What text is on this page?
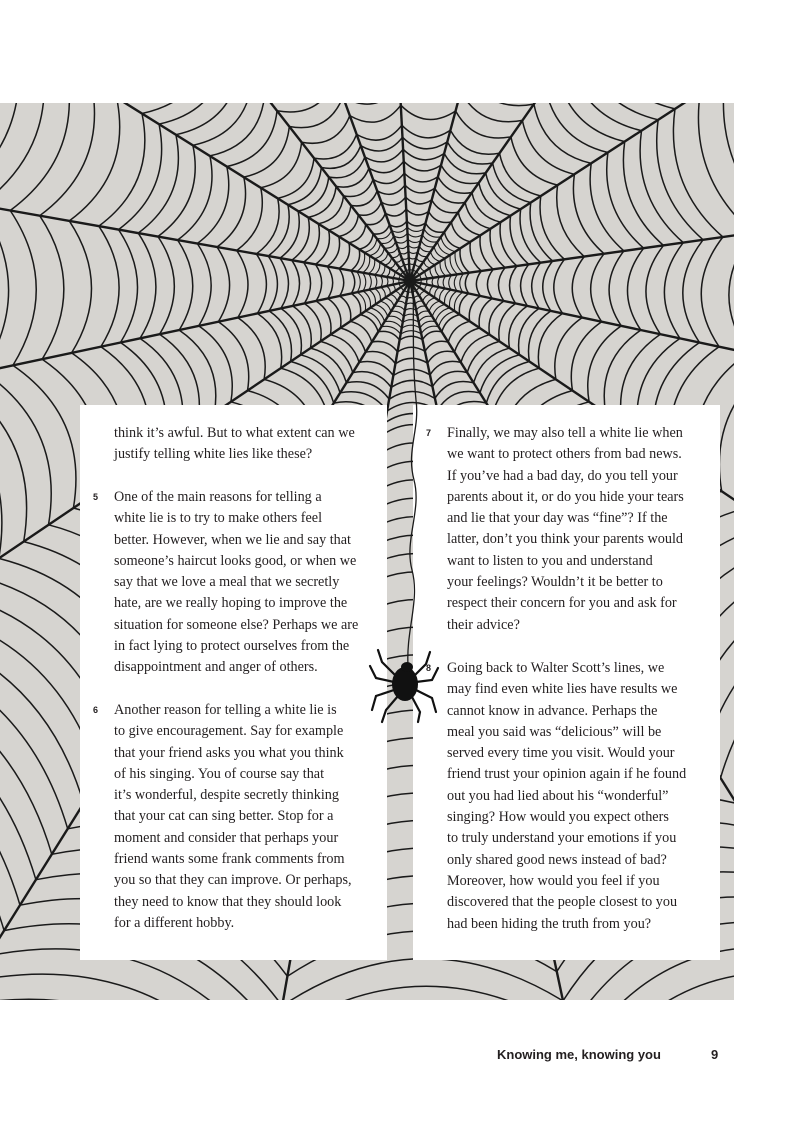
think it’s awful. But to what extent can we
justify telling white lies like these?
5	One of the main reasons for telling a
white lie is to try to make others feel
better. However, when we lie and say that
someone’s haircut looks good, or when we
say that we love a meal that we secretly
hate, are we really hoping to improve the
situation for someone else? Perhaps we are
in fact lying to protect ourselves from the
disappointment and anger of others.
6	Another reason for telling a white lie is
to give encouragement. Say for example
that your friend asks you what you think
of his singing. You of course say that
it’s wonderful, despite secretly thinking
that your cat can sing better. Stop for a
moment and consider that perhaps your
friend wants some frank comments from
you so that they can improve. Or perhaps,
they need to know that they should look
for a different hobby.
7	Finally, we may also tell a white lie when
we want to protect others from bad news.
If you’ve had a bad day, do you tell your
parents about it, or do you hide your tears
and lie that your day was “fine”? If the
latter, don’t you think your parents would
want to listen to you and understand
your feelings? Wouldn’t it be better to
respect their concern for you and ask for
their advice?
8	Going back to Walter Scott’s lines, we
may find even white lies have results we
cannot know in advance. Perhaps the
meal you said was “delicious” will be
served every time you visit. Would your
friend trust your opinion again if he found
out you had lied about his “wonderful”
singing? How would you expect others
to truly understand your emotions if you
only shared good news instead of bad?
Moreover, how would you feel if you
discovered that the people closest to you
had been hiding the truth from you?
Knowing me, knowing you	9
